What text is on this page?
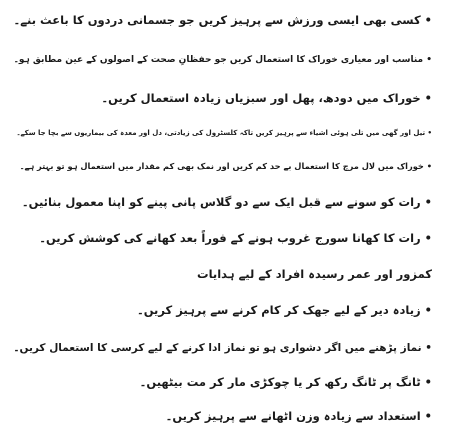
• کسی بھی ایسی ورزش سے پرہیز کریں جو جسمانی دردوں کا باعث بنے۔
• مناسب اور معیاری خوراک کا استعمال کریں جو حفظانِ صحت کے اصولوں کے عین مطابق ہو۔
• خوراک میں دودھ، پھل اور سبزیاں زیادہ استعمال کریں۔
• تیل اور گھی میں تلی ہوئی اشیاء سے پرہیز کریں تاکہ کلسٹرول کی زیادتی، دل اور معدہ کی بیماریوں سے بچا جا سکے۔
• خوراک میں لال مرچ کا استعمال بے حد کم کریں اور نمک بھی کم مقدار میں استعمال ہو تو بہتر ہے۔
• رات کو سونے سے قبل ایک سے دو گلاس پانی پینے کو اپنا معمول بنائیں۔
• رات کا کھانا سورج غروب ہونے کے فوراً بعد کھانے کی کوشش کریں۔
کمزور اور عمر رسیدہ افراد کے لیے ہدایات
• زیادہ دیر کے لیے جھک کر کام کرنے سے پرہیز کریں۔
• نماز پڑھنے میں اگر دشواری ہو تو نماز ادا کرنے کے لیے کرسی کا استعمال کریں۔
• ٹانگ پر ٹانگ رکھ کر یا چوکڑی مار کر مت بیٹھیں۔
• استعداد سے زیادہ وزن اٹھانے سے پرہیز کریں۔
